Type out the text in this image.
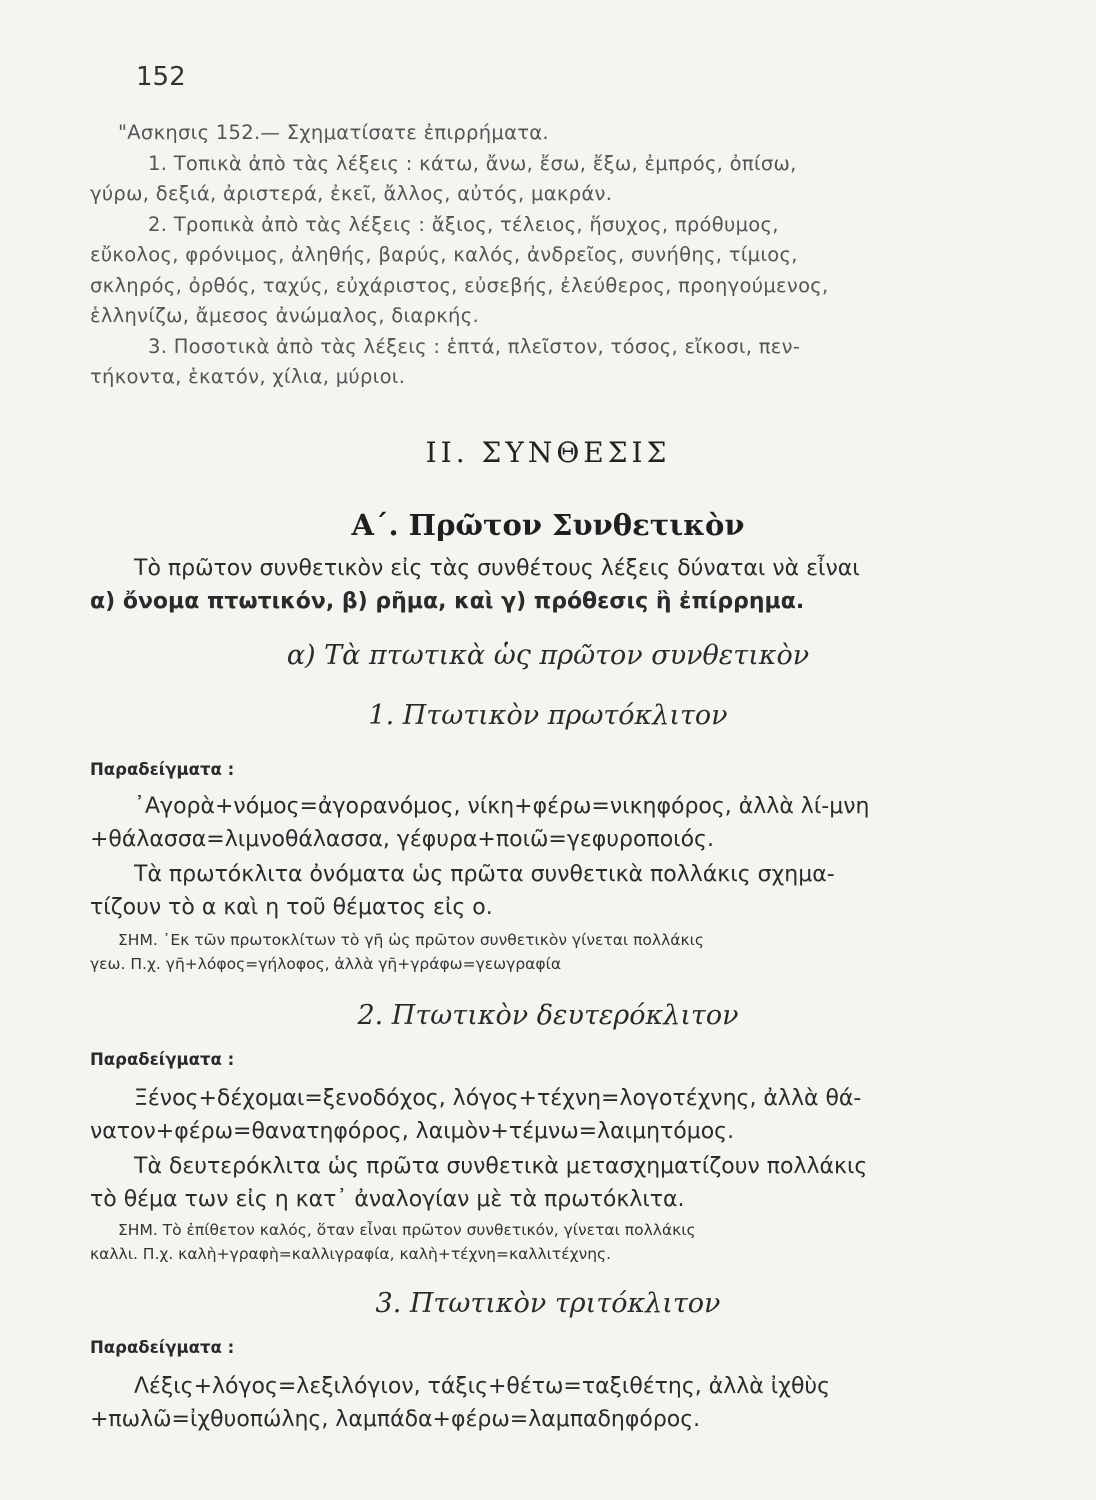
152
"Ασκησις 152.— Σχηματίσατε ἐπιρρήματα.
1. Τοπικὰ ἀπὸ τὰς λέξεις : κάτω, ἄνω, ἔσω, ἔξω, ἐμπρός, ὀπίσω,
γύρω, δεξιά, ἀριστερά, ἐκεῖ, ἄλλος, αὐτός, μακράν.
2. Τροπικὰ ἀπὸ τὰς λέξεις : ἄξιος, τέλειος, ἥσυχος, πρόθυμος,
εὔκολος, φρόνιμος, ἀληθής, βαρύς, καλός, ἀνδρεῖος, συνήθης, τίμιος,
σκληρός, ὀρθός, ταχύς, εὐχάριστος, εὐσεβής, ἐλεύθερος, προηγούμενος,
ἑλληνίζω, ἄμεσος ἀνώμαλος, διαρκής.
3. Ποσοτικὰ ἀπὸ τὰς λέξεις : ἑπτά, πλεῖστον, τόσος, εἴκοσι, πεν-
τήκοντα, ἑκατόν, χίλια, μύριοι.
ΙΙ. ΣΥΝΘΕΣΙΣ
Α΄. Πρῶτον Συνθετικὸν
Τὸ πρῶτον συνθετικὸν εἰς τὰς συνθέτους λέξεις δύναται νὰ εἶναι
α) ὄνομα πτωτικόν, β) ρῆμα, καὶ γ) πρόθεσις ἢ ἐπίρρημα.
α) Τὰ πτωτικὰ ὡς πρῶτον συνθετικὸν
1. Πτωτικὸν πρωτόκλιτον
Παραδείγματα :
᾿Αγορὰ+νόμος=ἀγορανόμος, νίκη+φέρω=νικηφόρος, ἀλλὰ λί-μνη
+θάλασσα=λιμνοθάλασσα, γέφυρα+ποιῶ=γεφυροποιός.
Τὰ πρωτόκλιτα ὀνόματα ὡς πρῶτα συνθετικὰ πολλάκις σχημα-
τίζουν τὸ α καὶ η τοῦ θέματος εἰς ο.
ΣΗΜ. ᾿Εκ τῶν πρωτοκλίτων τὸ γῆ ὡς πρῶτον συνθετικὸν γίνεται πολλάκις
γεω. Π.χ. γῆ+λόφος=γήλοφος, ἀλλὰ γῆ+γράφω=γεωγραφία
2. Πτωτικὸν δευτερόκλιτον
Παραδείγματα :
Ξένος+δέχομαι=ξενοδόχος, λόγος+τέχνη=λογοτέχνης, ἀλλὰ θά-
νατον+φέρω=θανατηφόρος, λαιμὸν+τέμνω=λαιμητόμος.
Τὰ δευτερόκλιτα ὡς πρῶτα συνθετικὰ μετασχηματίζουν πολλάκις
τὸ θέμα των εἰς η κατ᾿ ἀναλογίαν μὲ τὰ πρωτόκλιτα.
ΣΗΜ. Τὸ ἐπίθετον καλός, ὅταν εἶναι πρῶτον συνθετικόν, γίνεται πολλάκις
καλλι. Π.χ. καλὴ+γραφὴ=καλλιγραφία, καλὴ+τέχνη=καλλιτέχνης.
3. Πτωτικὸν τριτόκλιτον
Παραδείγματα :
Λέξις+λόγος=λεξιλόγιον, τάξις+θέτω=ταξιθέτης, ἀλλὰ ἰχθὺς
+πωλῶ=ἰχθυοπώλης, λαμπάδα+φέρω=λαμπαδηφόρος.
